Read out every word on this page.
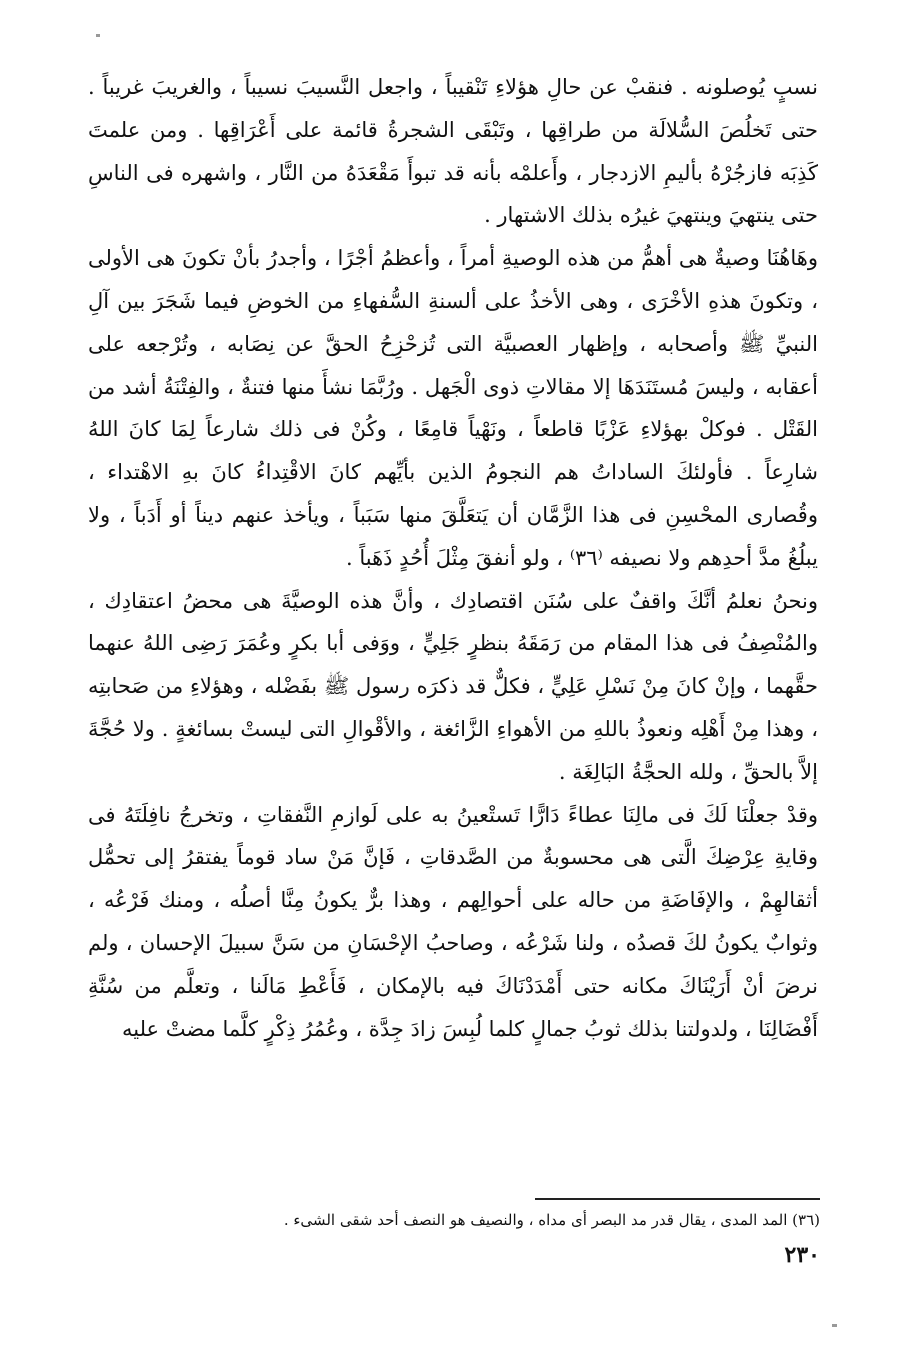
نسبٍ يُوصلونه . فنقبْ عن حالِ هؤلاءِ تَنْقيباً ، واجعل النَّسيبَ نسيباً ، والغريبَ غريباً . حتى تَخلُصَ السُّلالَة من طراقِها ، وتَبْقَى الشجرةُ قائمة على أَعْرَاقِها . ومن علمتَ كَذِبَه فازجُرْهُ بأليمِ الازدجار ، وأَعلمْه بأنه قد تبوأَ مَقْعَدَهُ من النَّار ، واشهره فى الناسِ حتى ينتهيَ وينتهيَ غيرُه بذلك الاشتهار .

وهَاهُنَا وصيةٌ هى أهمُّ من هذه الوصيةِ أمراً ، وأعظمُ أجْرًا ، وأجدرُ بأنْ تكونَ هى الأولى ، وتكونَ هذهِ الأخْرَى ، وهى الأخذُ على ألسنةِ السُّفهاءِ من الخوضِ فيما شَجَرَ بين آلِ النبيِّ ﷺ وأصحابه ، وإظهار العصبيَّة التى تُزحْزِحُ الحقَّ عن نِصَابه ، وتُرْجعه على أعقابه ، وليسَ مُستَنَدَهَا إلا مقالاتِ ذوى الْجَهل . ورُبَّمَا نشأَ منها فتنةٌ ، والفِتْنَةُ أشد من القَتْل . فوكلْ بهؤلاءِ عَزْبًا قاطعاً ، ونَهْياً قامِعًا ، وكُنْ فى ذلك شارعاً لِمَا كانَ اللهُ شارِعاً . فأولئكَ الساداتُ هم النجومُ الذين بأيِّهم كانَ الاقْتِداءُ كانَ بهِ الاهْتداء ، وقُصارى المحْسِنِ فى هذا الزَّمَّان أن يَتعَلَّقَ منها سَبَباً ، ويأخذ عنهم ديناً أو أَدَباً ، ولا يبلُغُ مدَّ أحدِهم ولا نصيفه ⁽٣٦⁾ ، ولو أنفقَ مِثْلَ أُحُدٍ ذَهَباً .

ونحنُ نعلمُ أنَّكَ واقفٌ على سُنَن اقتصادِك ، وأنَّ هذه الوصيَّةَ هى محضُ اعتقادِك ، والمُنْصِفُ فى هذا المقام من رَمَقَهُ بنظرٍ جَلِيٍّ ، ووَفى أبا بكرٍ وعُمَرَ رَضِى اللهُ عنهما حقَّهما ، وإنْ كانَ مِنْ نَسْلِ عَلِيٍّ ، فكلٌّ قد ذكرَه رسول ﷺ بفَضْله ، وهؤلاءِ من صَحابتِه ، وهذا مِنْ أَهْلِه ونعوذُ باللهِ من الأهواءِ الزَّائغة ، والأقْوالِ التى ليستْ بسائغةٍ . ولا حُجَّةَ إلاَّ بالحقِّ ، ولله الحجَّةُ البَالِغَة .

وقدْ جعلْنَا لَكَ فى مالِنَا عطاءً دَارًّا تَستْعينُ به على لَوازمِ النَّفقاتِ ، وتخرجُ نافِلَتَهُ فى وقايةِ عِرْضِكَ الَّتى هى محسوبةٌ من الصَّدقاتِ ، فَإنَّ مَنْ ساد قوماً يفتقرُ إلى تحمُّل أثقالهِمْ ، والإفَاضَةِ من حاله على أحوالِهم ، وهذا برٌّ يكونُ مِنَّا أصلُه ، ومنك فَرْعُه ، وثوابٌ يكونُ لكَ قصدُه ، ولنا شَرْعُه ، وصاحبُ الإحْسَانِ من سَنَّ سبيلَ الإحسان ، ولم نرضَ أنْ أَرَيْنَاكَ مكانه حتى أَمْدَدْنَاكَ فيه بالإمكان ، فَأَعْطِ مَالَنا ، وتعلَّم من سُنَّةِ أَفْضَالِنَا ، ولدولتنا بذلك ثوبُ جمالٍ كلما لُبِسَ زادَ جِدَّة ، وعُمُرُ ذِكْرٍ كلَّما مضتْ عليه

(٣٦) المد المدى ، يقال قدر مد البصر أى مداه ، والنصيف هو النصف أحد شقى الشىء .
٢٣٠
